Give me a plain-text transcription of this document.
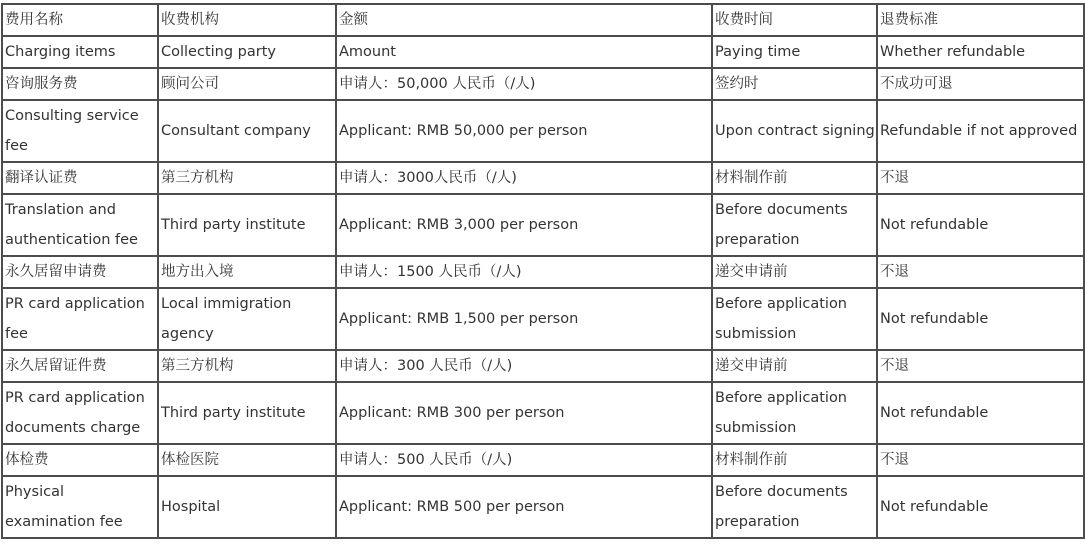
费用名称	收费机构	金额	收费时间	退费标准
Charging items	Collecting party	Amount	Paying time	Whether refundable
咨询服务费	顾问公司	申请人：50,000 人民币（/人)	签约时	不成功可退
Consulting service fee	Consultant company	Applicant: RMB 50,000 per person	Upon contract signing	Refundable if not approved
翻译认证费	第三方机构	申请人：3000人民币（/人)	材料制作前	不退
Translation and authentication fee	Third party institute	Applicant: RMB 3,000 per person	Before documents preparation	Not refundable
永久居留申请费	地方出入境	申请人：1500 人民币（/人)	递交申请前	不退
PR card application fee	Local immigration agency	Applicant: RMB 1,500 per person	Before application submission	Not refundable
永久居留证件费	第三方机构	申请人：300 人民币（/人)	递交申请前	不退
PR card application documents charge	Third party institute	Applicant: RMB 300 per person	Before application submission	Not refundable
体检费	体检医院	申请人：500 人民币（/人)	材料制作前	不退
Physical examination fee	Hospital	Applicant: RMB 500 per person	Before documents preparation	Not refundable
